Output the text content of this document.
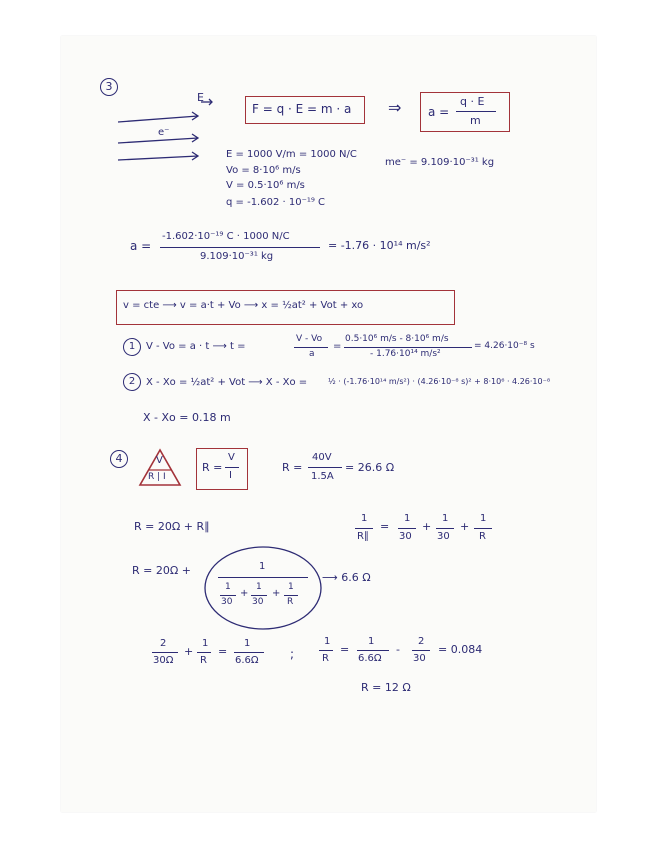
3
E
e⁻
F = q · E = m · a ⇒ a =
q · E
m
E = 1000 V/m = 1000 N/C
Vo = 8·10⁶ m/s
V = 0.5·10⁶ m/s
q = -1.602 · 10⁻¹⁹ C
me⁻ = 9.109·10⁻³¹ kg
a =
-1.602·10⁻¹⁹ C · 1000 N/C
9.109·10⁻³¹ kg
= -1.76 · 10¹⁴ m/s²
v = cte ⟶ v = a·t + Vo ⟶ x = ½at² + Vot + xo
1	V - Vo = a · t ⟶ t =
V - Vo
a
=
0.5·10⁶ m/s - 8·10⁶ m/s
- 1.76·10¹⁴ m/s²
= 4.26·10⁻⁸ s
2	X - Xo = ½at² + Vot ⟶ X - Xo =	½ · (-1.76·10¹⁴ m/s²) · (4.26·10⁻⁸ s)² + 8·10⁶ · 4.26·10⁻⁸
X - Xo = 0.18 m
4	V
R | I
R =
V
I
R =
40V
1.5A
= 26.6 Ω
R = 20Ω + R∥
1
R∥
=
1
30
+
1
30
+
1
R
R = 20Ω +	1
1
30
+
1
30
+
1
R
⟶ 6.6 Ω
2
30Ω
+
1
R
=
1
6.6Ω	;
1
R
=
1
6.6Ω
-
2
30
= 0.084
R = 12 Ω
